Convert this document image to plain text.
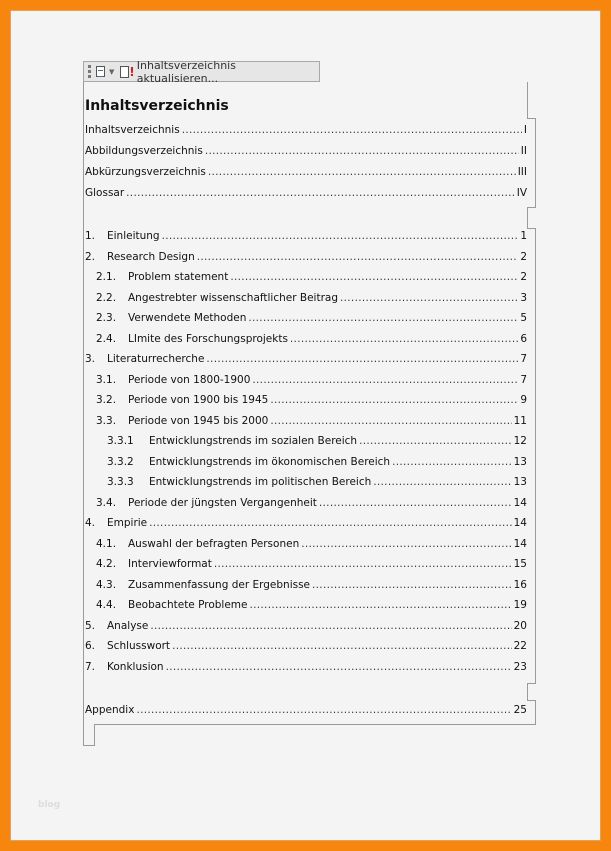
▼ ! Inhaltsverzeichnis aktualisieren...
Inhaltsverzeichnis
Inhaltsverzeichnis .....	I
Abbildungsverzeichnis .....	II
Abkürzungsverzeichnis .....	III
Glossar .....	IV
1.	Einleitung .....	1
2.	Research Design .....	2
2.1.	Problem statement .....	2
2.2.	Angestrebter wissenschaftlicher Beitrag .....	3
2.3.	Verwendete Methoden .....	5
2.4.	LImite des Forschungsprojekts .....	6
3.	Literaturrecherche .....	7
3.1.	Periode von 1800-1900 .....	7
3.2.	Periode von 1900 bis 1945 .....	9
3.3.	Periode von 1945 bis 2000 .....	11
3.3.1	Entwicklungstrends im sozialen Bereich .....	12
3.3.2	Entwicklungstrends im ökonomischen Bereich .....	13
3.3.3	Entwicklungstrends im politischen Bereich .....	13
3.4.	Periode der jüngsten Vergangenheit .....	14
4.	Empirie .....	14
4.1.	Auswahl der befragten Personen .....	14
4.2.	Interviewformat .....	15
4.3.	Zusammenfassung der Ergebnisse .....	16
4.4.	Beobachtete Probleme .....	19
5.	Analyse .....	20
6.	Schlusswort .....	22
7.	Konklusion .....	23
Appendix .....	25
blog
